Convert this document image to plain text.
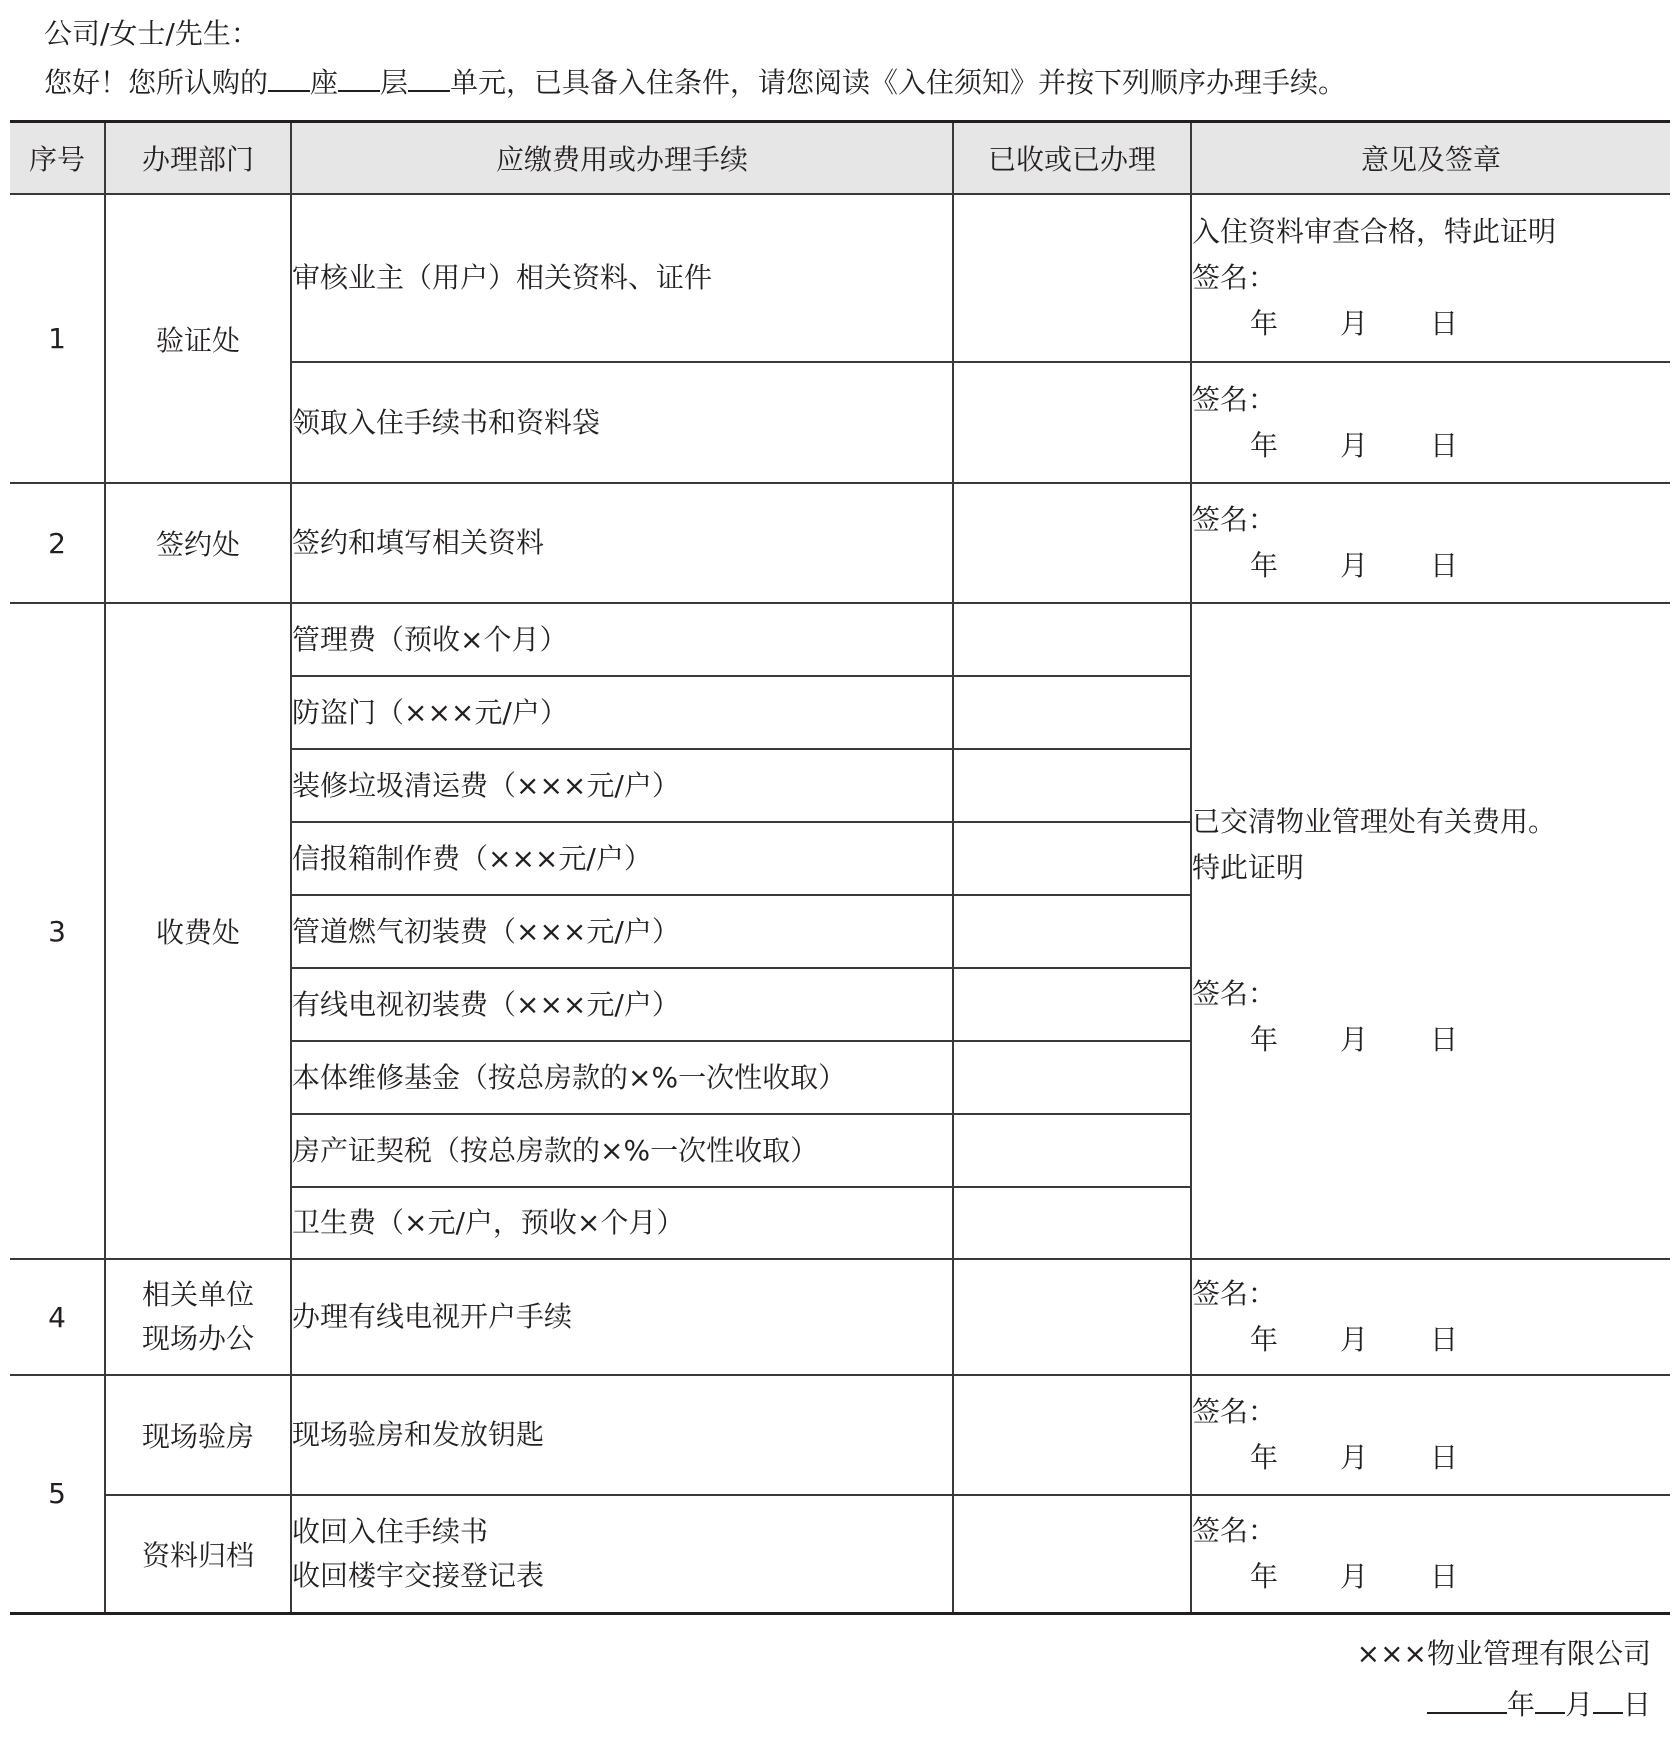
公司/女士/先生：
您好！您所认购的 座 层 单元，已具备入住条件，请您阅读《入住须知》并按下列顺序办理手续。
序号	办理部门	应缴费用或办理手续	已收或已办理	意见及签章
1	验证处	审核业主（用户）相关资料、证件		入住资料审查合格，特此证明
签名：
年 月 日

		领取入住手续书和资料袋		签名：
年 月 日

2	签约处	签约和填写相关资料		签名：
年 月 日

3	收费处	管理费（预收×个月）		已交清物业管理处有关费用。
特此证明
签名：
年 月 日

		防盗门（×××元/户）		
		装修垃圾清运费（×××元/户）		
		信报箱制作费（×××元/户）		
		管道燃气初装费（×××元/户）		
		有线电视初装费（×××元/户）		
		本体维修基金（按总房款的×%一次性收取）		
		房产证契税（按总房款的×%一次性收取）		
		卫生费（×元/户，预收×个月）		
4	相关单位
现场办公	办理有线电视开户手续		签名：
年 月 日

5	现场验房	现场验房和发放钥匙		签名：
年 月 日

	资料归档	收回入住手续书
收回楼宇交接登记表		签名：
年 月 日
×××物业管理有限公司
年 月 日
